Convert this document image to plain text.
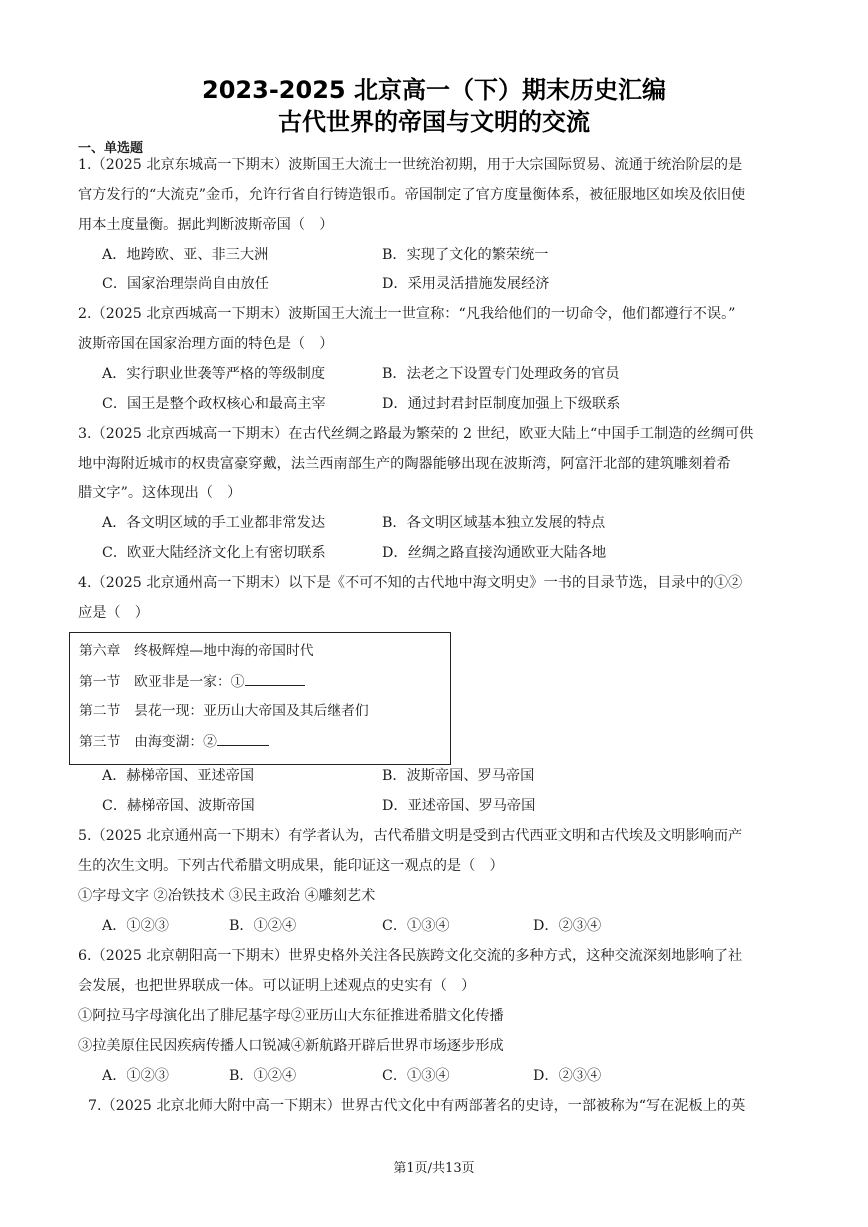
2023-2025 北京高一（下）期末历史汇编
古代世界的帝国与文明的交流
一、单选题
1.（2025 北京东城高一下期末）波斯国王大流士一世统治初期，用于大宗国际贸易、流通于统治阶层的是
官方发行的“大流克”金币，允许行省自行铸造银币。帝国制定了官方度量衡体系，被征服地区如埃及依旧使
用本土度量衡。据此判断波斯帝国（　）
A．地跨欧、亚、非三大洲	B．实现了文化的繁荣统一
C．国家治理崇尚自由放任	D．采用灵活措施发展经济
2.（2025 北京西城高一下期末）波斯国王大流士一世宣称：“凡我给他们的一切命令，他们都遵行不误。”
波斯帝国在国家治理方面的特色是（　）
A．实行职业世袭等严格的等级制度	B．法老之下设置专门处理政务的官员
C．国王是整个政权核心和最高主宰	D．通过封君封臣制度加强上下级联系
3.（2025 北京西城高一下期末）在古代丝绸之路最为繁荣的 2 世纪，欧亚大陆上“中国手工制造的丝绸可供
地中海附近城市的权贵富豪穿戴，法兰西南部生产的陶器能够出现在波斯湾，阿富汗北部的建筑雕刻着希
腊文字”。这体现出（　）
A．各文明区域的手工业都非常发达	B．各文明区域基本独立发展的特点
C．欧亚大陆经济文化上有密切联系	D．丝绸之路直接沟通欧亚大陆各地
4.（2025 北京通州高一下期末）以下是《不可不知的古代地中海文明史》一书的目录节选，目录中的①②
应是（　）
第六章　终极辉煌—地中海的帝国时代
第一节　欧亚非是一家：①
第二节　昙花一现：亚历山大帝国及其后继者们
第三节　由海变湖：②
A．赫梯帝国、亚述帝国	B．波斯帝国、罗马帝国
C．赫梯帝国、波斯帝国	D．亚述帝国、罗马帝国
5.（2025 北京通州高一下期末）有学者认为，古代希腊文明是受到古代西亚文明和古代埃及文明影响而产
生的次生文明。下列古代希腊文明成果，能印证这一观点的是（　）
①字母文字 ②冶铁技术 ③民主政治 ④雕刻艺术
A．①②③	B．①②④	C．①③④	D．②③④
6.（2025 北京朝阳高一下期末）世界史格外关注各民族跨文化交流的多种方式，这种交流深刻地影响了社
会发展，也把世界联成一体。可以证明上述观点的史实有（　）
①阿拉马字母演化出了腓尼基字母②亚历山大东征推进希腊文化传播
③拉美原住民因疾病传播人口锐减④新航路开辟后世界市场逐步形成
A．①②③	B．①②④	C．①③④	D．②③④
7.（2025 北京北师大附中高一下期末）世界古代文化中有两部著名的史诗，一部被称为“写在泥板上的英
第1页/共13页
